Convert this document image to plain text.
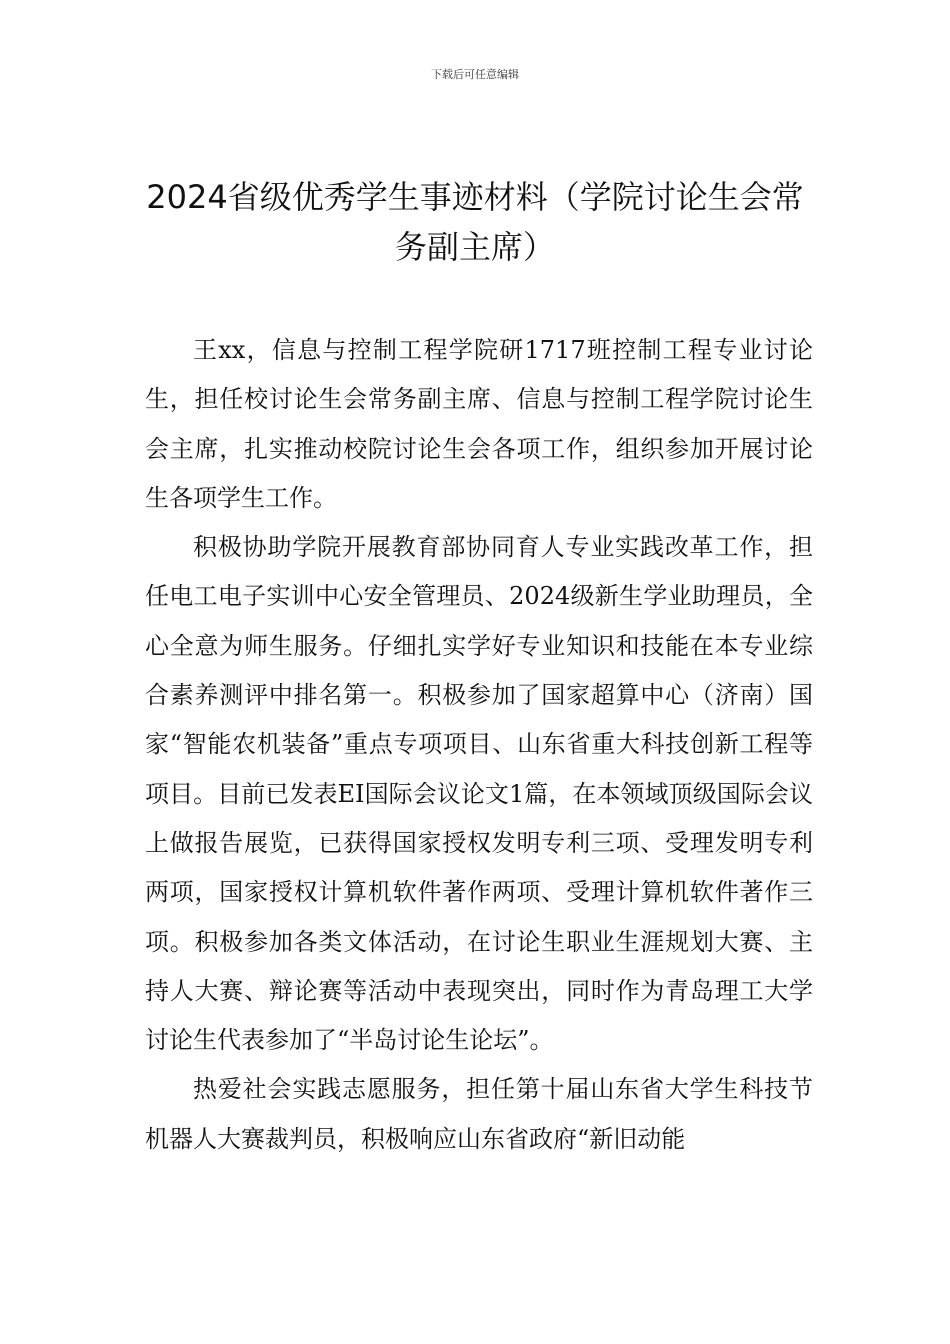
下载后可任意编辑
2024省级优秀学生事迹材料（学院讨论生会常务副主席）

王xx，信息与控制工程学院研1717班控制工程专业讨论生，担任校讨论生会常务副主席、信息与控制工程学院讨论生会主席，扎实推动校院讨论生会各项工作，组织参加开展讨论生各项学生工作。

积极协助学院开展教育部协同育人专业实践改革工作，担任电工电子实训中心安全管理员、2024级新生学业助理员，全心全意为师生服务。仔细扎实学好专业知识和技能在本专业综合素养测评中排名第一。积极参加了国家超算中心（济南）国家“智能农机装备”重点专项项目、山东省重大科技创新工程等项目。目前已发表EI国际会议论文1篇，在本领域顶级国际会议上做报告展览，已获得国家授权发明专利三项、受理发明专利两项，国家授权计算机软件著作两项、受理计算机软件著作三项。积极参加各类文体活动，在讨论生职业生涯规划大赛、主持人大赛、辩论赛等活动中表现突出，同时作为青岛理工大学讨论生代表参加了“半岛讨论生论坛”。

热爱社会实践志愿服务，担任第十届山东省大学生科技节机器人大赛裁判员，积极响应山东省政府“新旧动能
